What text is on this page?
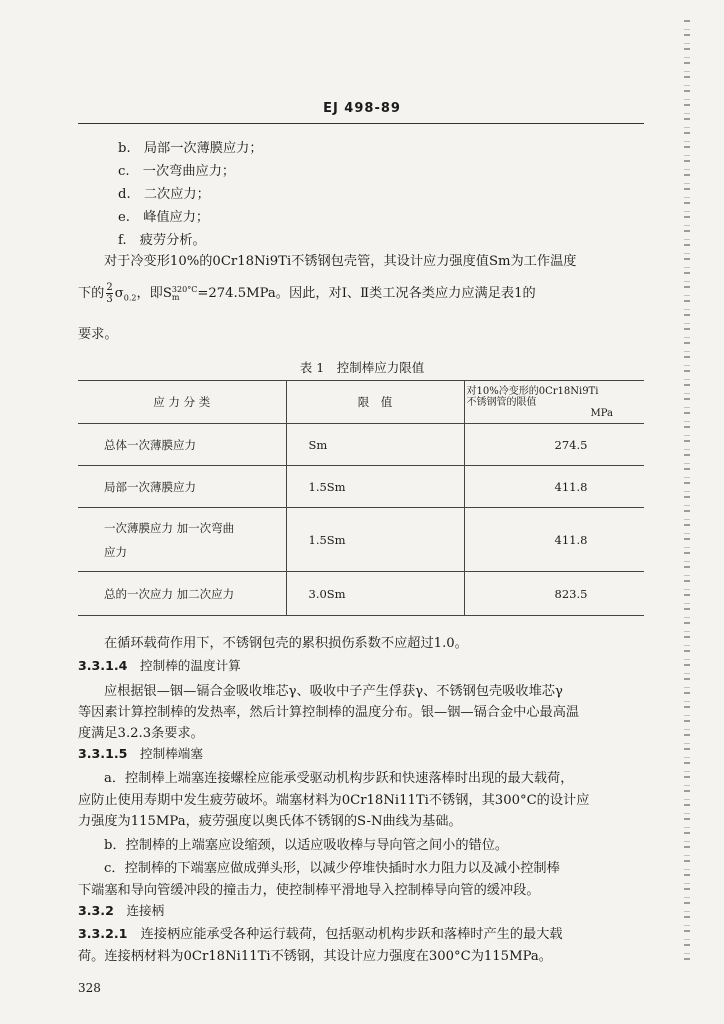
EJ 498-89
b.　 局部一次薄膜应力；
c.　 一次弯曲应力；
d.　 二次应力；
e.　 峰值应力；
f.　 疲劳分析。
对于冷变形10%的0Cr18Ni9Ti不锈钢包壳管，其设计应力强度值Sm为工作温度
下的 $\frac{2}{3} \sigma_{0.2}$，即S 320°C
m	=274.5MPa。因此，对Ⅰ、Ⅱ类工况各类应力应满足表1的
要求。
表 1　控制棒应力限值
应 力 分 类	限　值	对10%冷变形的0Cr18Ni9Ti
不锈钢管的限值
MPa

总体一次薄膜应力	Sm	274.5
局部一次薄膜应力	1.5Sm	411.8

一次薄膜应力 加一次弯曲
应力	1.5Sm	411.8
总的一次应力 加二次应力	3.0Sm	823.5
在循环载荷作用下，不锈钢包壳的累积损伤系数不应超过1.0。
3.3.1.4　 控制棒的温度计算
应根据银—铟—镉合金吸收堆芯γ、吸收中子产生俘获γ、不锈钢包壳吸收堆芯γ
等因素计算控制棒的发热率，然后计算控制棒的温度分布。银—铟—镉合金中心最高温
度满足3.2.3条要求。
3.3.1.5　 控制棒端塞
a．控制棒上端塞连接螺栓应能承受驱动机构步跃和快速落棒时出现的最大载荷，
应防止使用寿期中发生疲劳破坏。端塞材料为0Cr18Ni11Ti不锈钢，其300°C的设计应
力强度为115MPa，疲劳强度以奥氏体不锈钢的S-N曲线为基础。
b．控制棒的上端塞应设缩颈，以适应吸收棒与导向管之间小的错位。
c．控制棒的下端塞应做成弹头形，以减少停堆快插时水力阻力以及减小控制棒
下端塞和导向管缓冲段的撞击力，使控制棒平滑地导入控制棒导向管的缓冲段。
3.3.2　 连接柄
3.3.2.1　 连接柄应能承受各种运行载荷，包括驱动机构步跃和落棒时产生的最大载
荷。连接柄材料为0Cr18Ni11Ti不锈钢，其设计应力强度在300°C为115MPa。
328
